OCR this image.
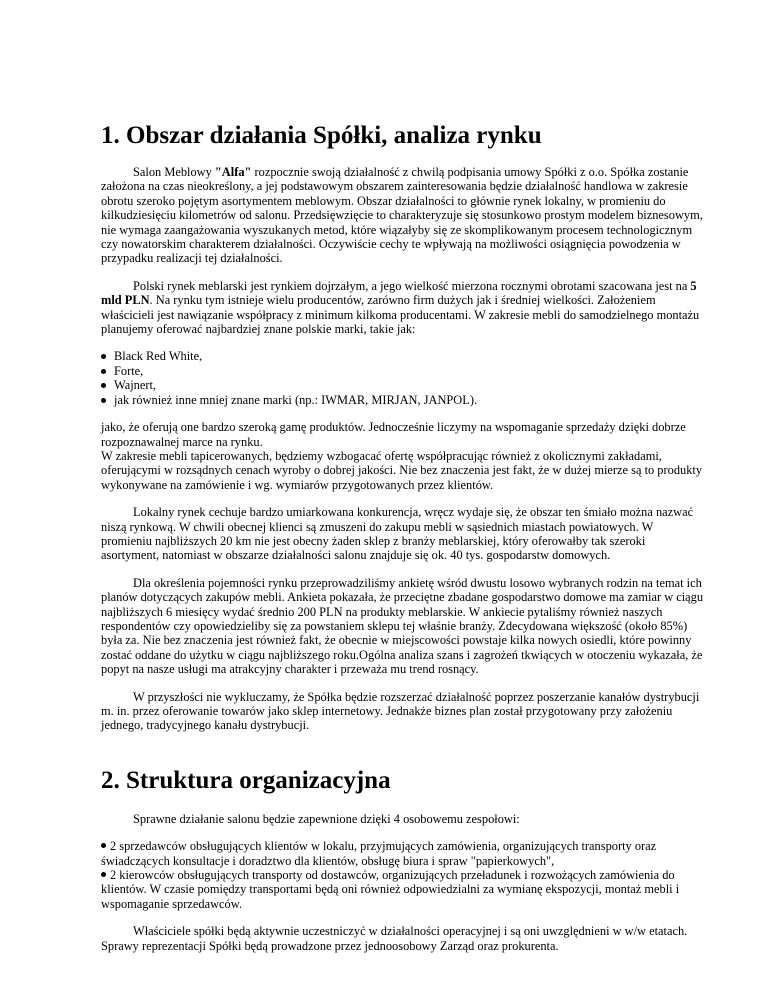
1. Obszar działania Spółki, analiza rynku

Salon Meblowy "Alfa" rozpocznie swoją działalność z chwilą podpisania umowy Spółki z o.o. Spółka zostanie założona na czas nieokreślony, a jej podstawowym obszarem zainteresowania będzie działalność handlowa w zakresie obrotu szeroko pojętym asortymentem meblowym. Obszar działalności to głównie rynek lokalny, w promieniu do kilkudziesięciu kilometrów od salonu. Przedsięwzięcie to charakteryzuje się stosunkowo prostym modelem biznesowym, nie wymaga zaangażowania wyszukanych metod, które wiązałyby się ze skomplikowanym procesem technologicznym czy nowatorskim charakterem działalności. Oczywiście cechy te wpływają na możliwości osiągnięcia powodzenia w przypadku realizacji tej działalności.

Polski rynek meblarski jest rynkiem dojrzałym, a jego wielkość mierzona rocznymi obrotami szacowana jest na 5 mld PLN. Na rynku tym istnieje wielu producentów, zarówno firm dużych jak i średniej wielkości. Założeniem właścicieli jest nawiązanie współpracy z minimum kilkoma producentami. W zakresie mebli do samodzielnego montażu planujemy oferować najbardziej znane polskie marki, takie jak:

Black Red White,
Forte,
Wajnert,
jak również inne mniej znane marki (np.: IWMAR, MIRJAN, JANPOL).

jako, że oferują one bardzo szeroką gamę produktów. Jednocześnie liczymy na wspomaganie sprzedaży dzięki dobrze rozpoznawalnej marce na rynku.
W zakresie mebli tapicerowanych, będziemy wzbogacać ofertę współpracując również z okolicznymi zakładami, oferującymi w rozsądnych cenach wyroby o dobrej jakości. Nie bez znaczenia jest fakt, że w dużej mierze są to produkty wykonywane na zamówienie i wg. wymiarów przygotowanych przez klientów.

Lokalny rynek cechuje bardzo umiarkowana konkurencja, wręcz wydaje się, że obszar ten śmiało można nazwać niszą rynkową. W chwili obecnej klienci są zmuszeni do zakupu mebli w sąsiednich miastach powiatowych. W promieniu najbliższych 20 km nie jest obecny żaden sklep z branży meblarskiej, który oferowałby tak szeroki asortyment, natomiast w obszarze działalności salonu znajduje się ok. 40 tys. gospodarstw domowych.

Dla określenia pojemności rynku przeprowadziliśmy ankietę wśród dwustu losowo wybranych rodzin na temat ich planów dotyczących zakupów mebli. Ankieta pokazała, że przeciętne zbadane gospodarstwo domowe ma zamiar w ciągu najbliższych 6 miesięcy wydać średnio 200 PLN na produkty meblarskie. W ankiecie pytaliśmy również naszych respondentów czy opowiedzieliby się za powstaniem sklepu tej właśnie branży. Zdecydowana większość (około 85%) była za. Nie bez znaczenia jest również fakt, że obecnie w miejscowości powstaje kilka nowych osiedli, które powinny zostać oddane do użytku w ciągu najbliższego roku.Ogólna analiza szans i zagrożeń tkwiących w otoczeniu wykazała, że popyt na nasze usługi ma atrakcyjny charakter i przeważa mu trend rosnący.

W przyszłości nie wykluczamy, że Spółka będzie rozszerzać działalność poprzez poszerzanie kanałów dystrybucji m. in. przez oferowanie towarów jako sklep internetowy. Jednakże biznes plan został przygotowany przy założeniu jednego, tradycyjnego kanału dystrybucji.

2. Struktura organizacyjna

Sprawne działanie salonu będzie zapewnione dzięki 4 osobowemu zespołowi:

2 sprzedawców obsługujących klientów w lokalu, przyjmujących zamówienia, organizujących transporty oraz świadczących konsultacje i doradztwo dla klientów, obsługę biura i spraw "papierkowych",
2 kierowców obsługujących transporty od dostawców, organizujących przeładunek i rozwożących zamówienia do klientów. W czasie pomiędzy transportami będą oni również odpowiedzialni za wymianę ekspozycji, montaż mebli i wspomaganie sprzedawców.

Właściciele spółki będą aktywnie uczestniczyć w działalności operacyjnej i są oni uwzględnieni w w/w etatach. Sprawy reprezentacji Spółki będą prowadzone przez jednoosobowy Zarząd oraz prokurenta.
